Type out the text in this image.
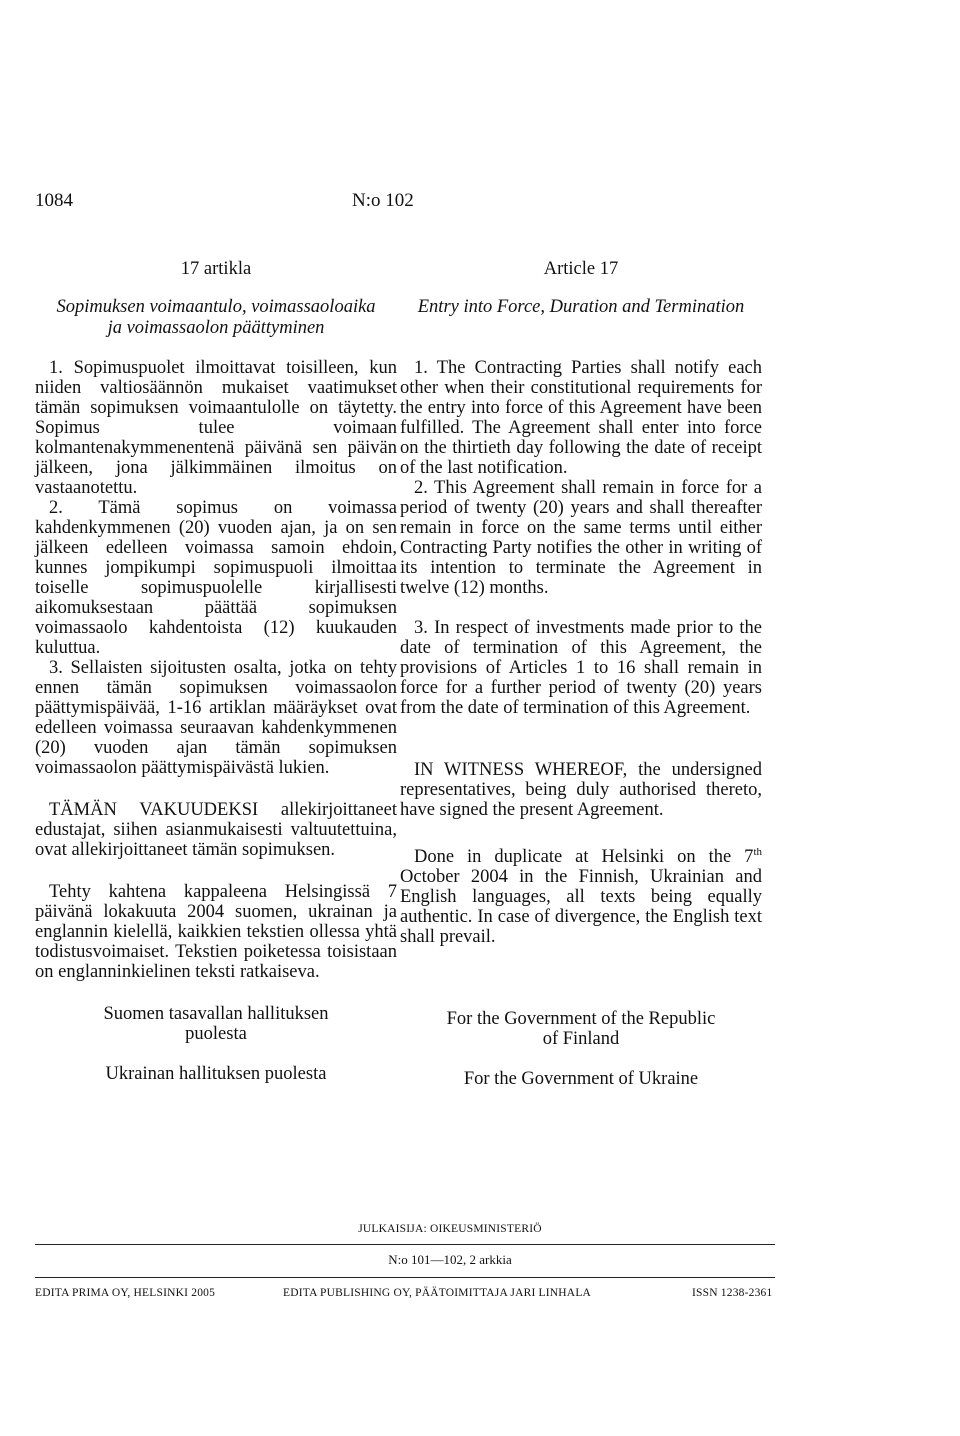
1084	N:o 102

17 artikla

Sopimuksen voimaantulo, voimassaoloaika

ja voimassaolon päättyminen

1. Sopimuspuolet ilmoittavat toisilleen, kun niiden valtiosäännön mukaiset vaatimukset tämän sopimuksen voimaantulolle on täytetty. Sopimus tulee voimaan kolmantenakymmenentenä päivänä sen päivän jälkeen, jona jälkimmäinen ilmoitus on vastaanotettu.

2. Tämä sopimus on voimassa kahdenkymmenen (20) vuoden ajan, ja on sen jälkeen edelleen voimassa samoin ehdoin, kunnes jompikumpi sopimuspuoli ilmoittaa toiselle sopimuspuolelle kirjallisesti aikomuksestaan päättää sopimuksen voimassaolo kahdentoista (12) kuukauden kuluttua.

3. Sellaisten sijoitusten osalta, jotka on tehty ennen tämän sopimuksen voimassaolon päättymispäivää, 1-16 artiklan määräykset ovat edelleen voimassa seuraavan kahdenkymmenen (20) vuoden ajan tämän sopimuksen voimassaolon päättymispäivästä lukien.

TÄMÄN VAKUUDEKSI allekirjoittaneet edustajat, siihen asianmukaisesti valtuutettuina, ovat allekirjoittaneet tämän sopimuksen.

Tehty kahtena kappaleena Helsingissä 7 päivänä lokakuuta 2004 suomen, ukrainan ja englannin kielellä, kaikkien tekstien ollessa yhtä todistusvoimaiset. Tekstien poiketessa toisistaan on englanninkielinen teksti ratkaiseva.

Suomen tasavallan hallituksen

puolesta

Ukrainan hallituksen puolesta

Article 17

Entry into Force, Duration and Termination

1. The Contracting Parties shall notify each other when their constitutional requirements for the entry into force of this Agreement have been fulfilled. The Agreement shall enter into force on the thirtieth day following the date of receipt of the last notification.

2. This Agreement shall remain in force for a period of twenty (20) years and shall thereafter remain in force on the same terms until either Contracting Party notifies the other in writing of its intention to terminate the Agreement in twelve (12) months.

3. In respect of investments made prior to the date of termination of this Agreement, the provisions of Articles 1 to 16 shall remain in force for a further period of twenty (20) years from the date of termination of this Agreement.

IN WITNESS WHEREOF, the undersigned representatives, being duly authorised thereto, have signed the present Agreement.

Done in duplicate at Helsinki on the 7th October 2004 in the Finnish, Ukrainian and English languages, all texts being equally authentic. In case of divergence, the English text shall prevail.

For the Government of the Republic

of Finland

For the Government of Ukraine

JULKAISIJA: OIKEUSMINISTERIÖ
N:o 101—102, 2 arkkia
EDITA PRIMA OY, HELSINKI 2005	EDITA PUBLISHING OY, PÄÄTOIMITTAJA JARI LINHALA	ISSN 1238-2361
